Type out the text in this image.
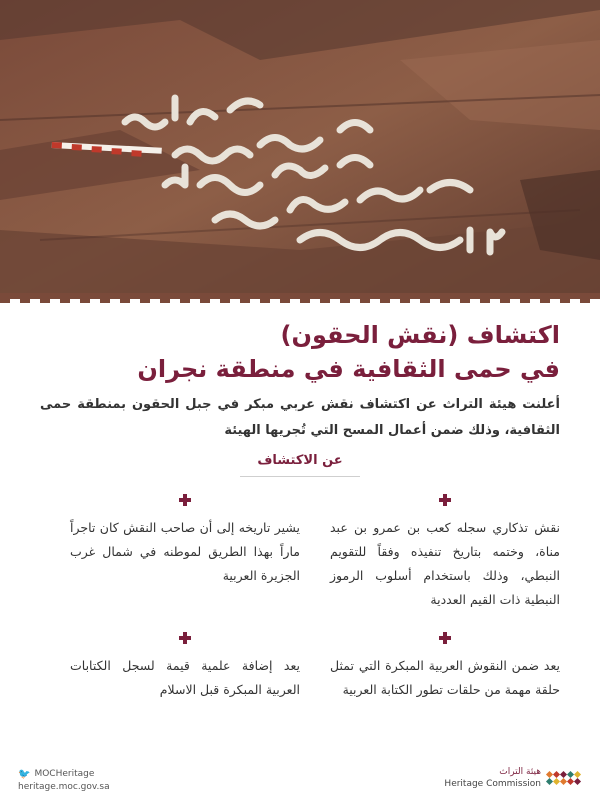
اكتشاف (نقش الحقون)
في حمى الثقافية في منطقة نجران
أعلنت هيئة التراث عن اكتشاف نقش عربي مبكر في جبل الحقون بمنطقة حمى الثقافية، وذلك ضمن أعمال المسح التي تُجريها الهيئة
عن الاكتشاف
نقش تذكاري سجله كعب بن عمرو بن عبد مناة، وختمه بتاريخ تنفيذه وفقاً للتقويم النبطي، وذلك باستخدام أسلوب الرموز النبطية ذات القيم العددية
يشير تاريخه إلى أن صاحب النقش كان تاجراً ماراً بهذا الطريق لموطنه في شمال غرب الجزيرة العربية
يعد ضمن النقوش العربية المبكرة التي تمثل حلقة مهمة من حلقات تطور الكتابة العربية
يعد إضافة علمية قيمة لسجل الكتابات العربية المبكرة قبل الاسلام
🐦 MOCHeritage
heritage.moc.gov.sa
هيئة التراث
Heritage Commission
